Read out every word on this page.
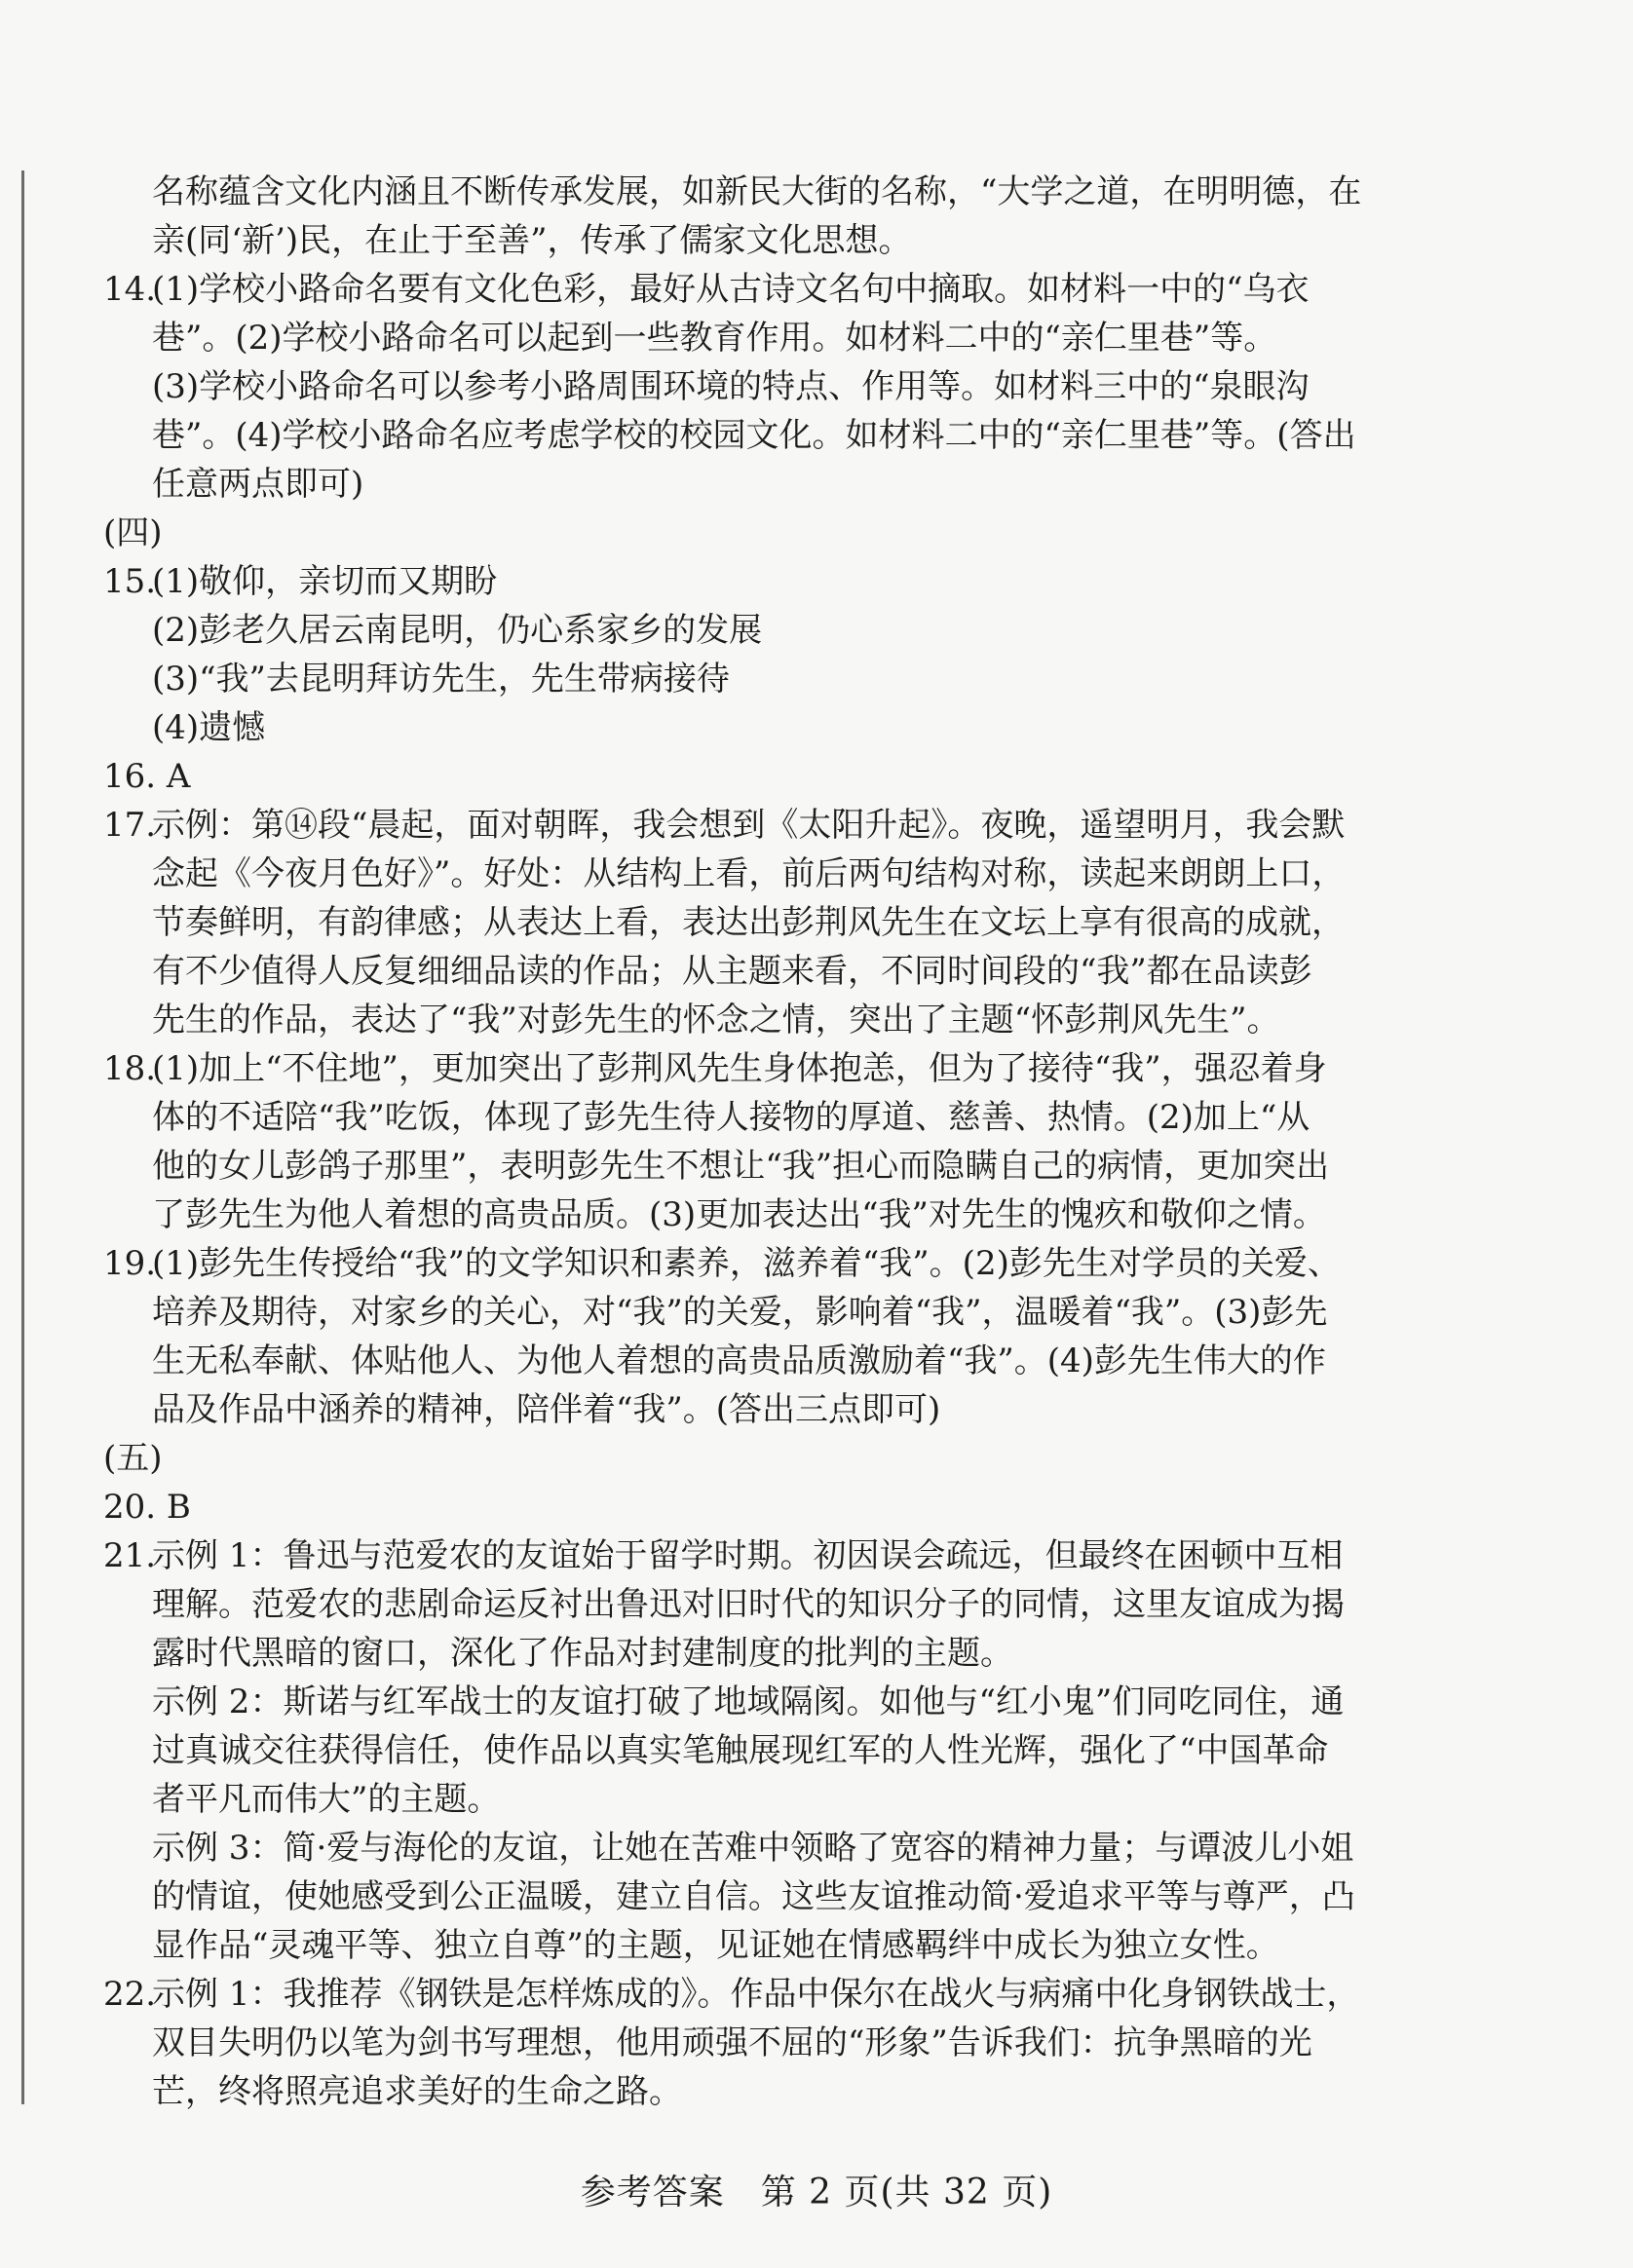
名称蕴含文化内涵且不断传承发展，如新民大街的名称，“大学之道，在明明德，在
亲(同‘新’)民，在止于至善”，传承了儒家文化思想。
14.
(1)学校小路命名要有文化色彩，最好从古诗文名句中摘取。如材料一中的“乌衣
巷”。(2)学校小路命名可以起到一些教育作用。如材料二中的“亲仁里巷”等。
(3)学校小路命名可以参考小路周围环境的特点、作用等。如材料三中的“泉眼沟
巷”。(4)学校小路命名应考虑学校的校园文化。如材料二中的“亲仁里巷”等。(答出
任意两点即可)
(四)
15.
(1)敬仰，亲切而又期盼
(2)彭老久居云南昆明，仍心系家乡的发展
(3)“我”去昆明拜访先生，先生带病接待
(4)遗憾
16. A
17.
示例：第⑭段“晨起，面对朝晖，我会想到《太阳升起》。夜晚，遥望明月，我会默
念起《今夜月色好》”。好处：从结构上看，前后两句结构对称，读起来朗朗上口，
节奏鲜明，有韵律感；从表达上看，表达出彭荆风先生在文坛上享有很高的成就，
有不少值得人反复细细品读的作品；从主题来看，不同时间段的“我”都在品读彭
先生的作品，表达了“我”对彭先生的怀念之情，突出了主题“怀彭荆风先生”。
18.
(1)加上“不住地”，更加突出了彭荆风先生身体抱恙，但为了接待“我”，强忍着身
体的不适陪“我”吃饭，体现了彭先生待人接物的厚道、慈善、热情。(2)加上“从
他的女儿彭鸽子那里”，表明彭先生不想让“我”担心而隐瞒自己的病情，更加突出
了彭先生为他人着想的高贵品质。(3)更加表达出“我”对先生的愧疚和敬仰之情。
19.
(1)彭先生传授给“我”的文学知识和素养，滋养着“我”。(2)彭先生对学员的关爱、
培养及期待，对家乡的关心，对“我”的关爱，影响着“我”，温暖着“我”。(3)彭先
生无私奉献、体贴他人、为他人着想的高贵品质激励着“我”。(4)彭先生伟大的作
品及作品中涵养的精神，陪伴着“我”。(答出三点即可)
(五)
20. B
21.
示例 1：鲁迅与范爱农的友谊始于留学时期。初因误会疏远，但最终在困顿中互相
理解。范爱农的悲剧命运反衬出鲁迅对旧时代的知识分子的同情，这里友谊成为揭
露时代黑暗的窗口，深化了作品对封建制度的批判的主题。
示例 2：斯诺与红军战士的友谊打破了地域隔阂。如他与“红小鬼”们同吃同住，通
过真诚交往获得信任，使作品以真实笔触展现红军的人性光辉，强化了“中国革命
者平凡而伟大”的主题。
示例 3：简·爱与海伦的友谊，让她在苦难中领略了宽容的精神力量；与谭波儿小姐
的情谊，使她感受到公正温暖，建立自信。这些友谊推动简·爱追求平等与尊严，凸
显作品“灵魂平等、独立自尊”的主题，见证她在情感羁绊中成长为独立女性。
22.
示例 1：我推荐《钢铁是怎样炼成的》。作品中保尔在战火与病痛中化身钢铁战士，
双目失明仍以笔为剑书写理想，他用顽强不屈的“形象”告诉我们：抗争黑暗的光
芒，终将照亮追求美好的生命之路。
参考答案　第 2 页(共 32 页)
